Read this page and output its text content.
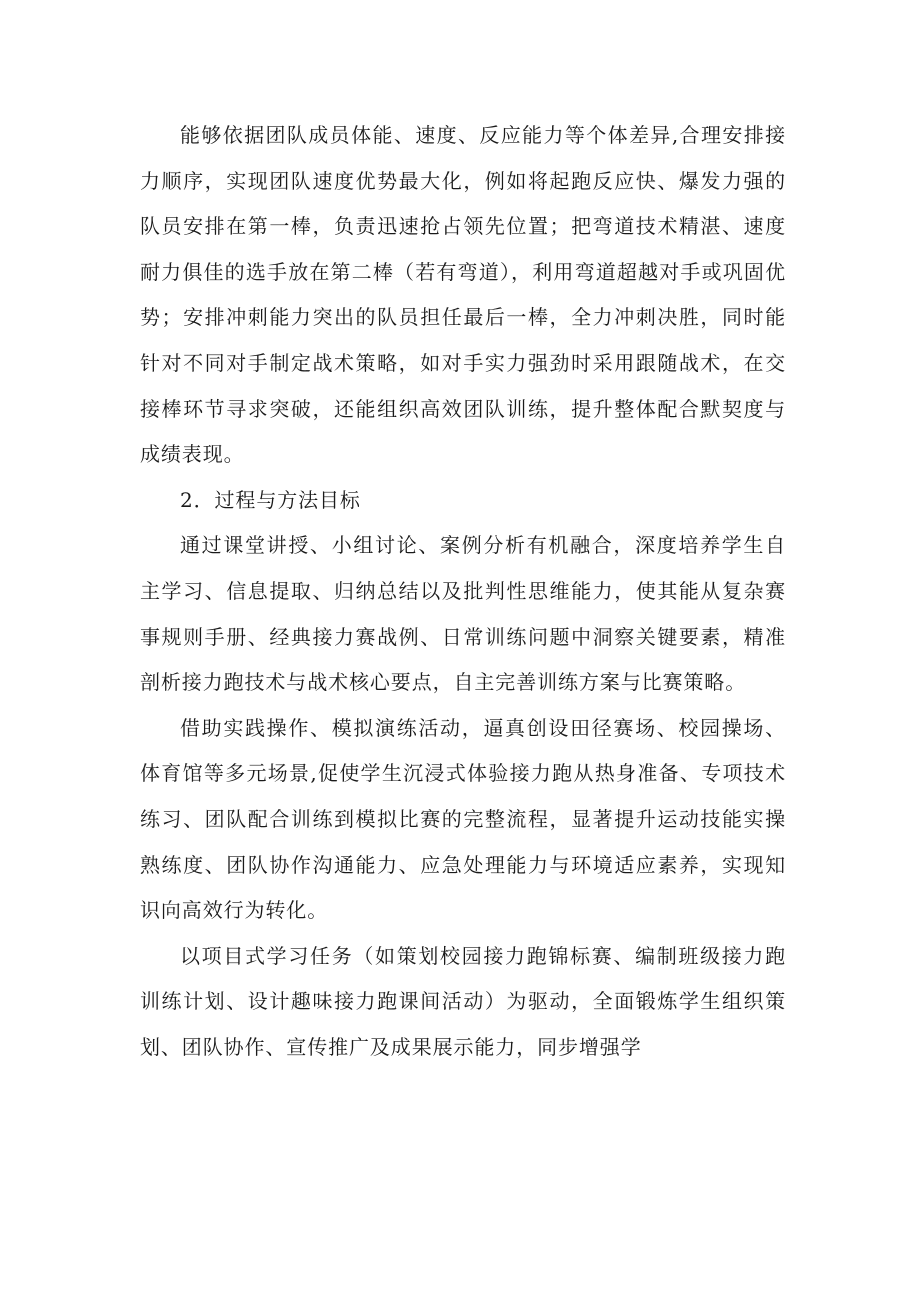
能够依据团队成员体能、速度、反应能力等个体差异,合理安排接力顺序，实现团队速度优势最大化，例如将起跑反应快、爆发力强的队员安排在第一棒，负责迅速抢占领先位置；把弯道技术精湛、速度耐力俱佳的选手放在第二棒（若有弯道），利用弯道超越对手或巩固优势；安排冲刺能力突出的队员担任最后一棒，全力冲刺决胜，同时能针对不同对手制定战术策略，如对手实力强劲时采用跟随战术，在交接棒环节寻求突破，还能组织高效团队训练，提升整体配合默契度与成绩表现。

2．过程与方法目标

通过课堂讲授、小组讨论、案例分析有机融合，深度培养学生自主学习、信息提取、归纳总结以及批判性思维能力，使其能从复杂赛事规则手册、经典接力赛战例、日常训练问题中洞察关键要素，精准剖析接力跑技术与战术核心要点，自主完善训练方案与比赛策略。

借助实践操作、模拟演练活动，逼真创设田径赛场、校园操场、体育馆等多元场景,促使学生沉浸式体验接力跑从热身准备、专项技术练习、团队配合训练到模拟比赛的完整流程，显著提升运动技能实操熟练度、团队协作沟通能力、应急处理能力与环境适应素养，实现知识向高效行为转化。

以项目式学习任务（如策划校园接力跑锦标赛、编制班级接力跑训练计划、设计趣味接力跑课间活动）为驱动，全面锻炼学生组织策划、团队协作、宣传推广及成果展示能力，同步增强学
